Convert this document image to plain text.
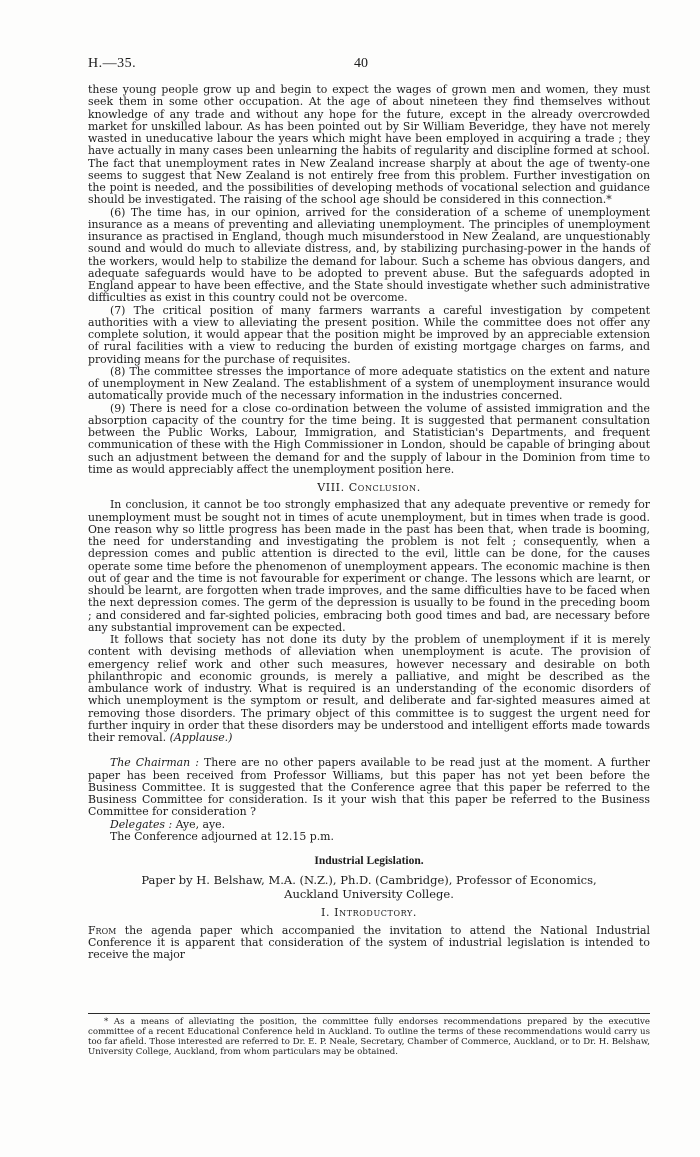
H.—35.	40

these young people grow up and begin to expect the wages of grown men and women, they must seek them in some other occupation. At the age of about nineteen they find themselves without knowledge of any trade and without any hope for the future, except in the already overcrowded market for unskilled labour. As has been pointed out by Sir William Beveridge, they have not merely wasted in uneducative labour the years which might have been employed in acquiring a trade ; they have actually in many cases been unlearning the habits of regularity and discipline formed at school. The fact that unemployment rates in New Zealand increase sharply at about the age of twenty-one seems to suggest that New Zealand is not entirely free from this problem. Further investigation on the point is needed, and the possibilities of developing methods of vocational selection and guidance should be investigated. The raising of the school age should be considered in this connection.*

(6) The time has, in our opinion, arrived for the consideration of a scheme of unemployment insurance as a means of preventing and alleviating unemployment. The principles of unemployment insurance as practised in England, though much misunderstood in New Zealand, are unquestionably sound and would do much to alleviate distress, and, by stabilizing purchasing-power in the hands of the workers, would help to stabilize the demand for labour. Such a scheme has obvious dangers, and adequate safeguards would have to be adopted to prevent abuse. But the safeguards adopted in England appear to have been effective, and the State should investigate whether such administrative difficulties as exist in this country could not be overcome.

(7) The critical position of many farmers warrants a careful investigation by competent authorities with a view to alleviating the present position. While the committee does not offer any complete solution, it would appear that the position might be improved by an appreciable extension of rural facilities with a view to reducing the burden of existing mortgage charges on farms, and providing means for the purchase of requisites.

(8) The committee stresses the importance of more adequate statistics on the extent and nature of unemployment in New Zealand. The establishment of a system of unemployment insurance would automatically provide much of the necessary information in the industries concerned.

(9) There is need for a close co-ordination between the volume of assisted immigration and the absorption capacity of the country for the time being. It is suggested that permanent consultation between the Public Works, Labour, Immigration, and Statistician's Departments, and frequent communication of these with the High Commissioner in London, should be capable of bringing about such an adjustment between the demand for and the supply of labour in the Dominion from time to time as would appreciably affect the unemployment position here.

VIII. Conclusion.

In conclusion, it cannot be too strongly emphasized that any adequate preventive or remedy for unemployment must be sought not in times of acute unemployment, but in times when trade is good. One reason why so little progress has been made in the past has been that, when trade is booming, the need for understanding and investigating the problem is not felt ; consequently, when a depression comes and public attention is directed to the evil, little can be done, for the causes operate some time before the phenomenon of unemployment appears. The economic machine is then out of gear and the time is not favourable for experiment or change. The lessons which are learnt, or should be learnt, are forgotten when trade improves, and the same difficulties have to be faced when the next depression comes. The germ of the depression is usually to be found in the preceding boom ; and considered and far-sighted policies, embracing both good times and bad, are necessary before any substantial improvement can be expected.

It follows that society has not done its duty by the problem of unemployment if it is merely content with devising methods of alleviation when unemployment is acute. The provision of emergency relief work and other such measures, however necessary and desirable on both philanthropic and economic grounds, is merely a palliative, and might be described as the ambulance work of industry. What is required is an understanding of the economic disorders of which unemployment is the symptom or result, and deliberate and far-sighted measures aimed at removing those disorders. The primary object of this committee is to suggest the urgent need for further inquiry in order that these disorders may be understood and intelligent efforts made towards their removal. (Applause.)

The Chairman : There are no other papers available to be read just at the moment. A further paper has been received from Professor Williams, but this paper has not yet been before the Business Committee. It is suggested that the Conference agree that this paper be referred to the Business Committee for consideration. Is it your wish that this paper be referred to the Business Committee for consideration ?

Delegates : Aye, aye.

The Conference adjourned at 12.15 p.m.

Industrial Legislation.
Paper by H. Belshaw, M.A. (N.Z.), Ph.D. (Cambridge), Professor of Economics, Auckland University College.
I. Introductory.

From the agenda paper which accompanied the invitation to attend the National Industrial Conference it is apparent that consideration of the system of industrial legislation is intended to receive the major

* As a means of alleviating the position, the committee fully endorses recommendations prepared by the executive committee of a recent Educational Conference held in Auckland. To outline the terms of these recommendations would carry us too far afield. Those interested are referred to Dr. E. P. Neale, Secretary, Chamber of Commerce, Auckland, or to Dr. H. Belshaw, University College, Auckland, from whom particulars may be obtained.
